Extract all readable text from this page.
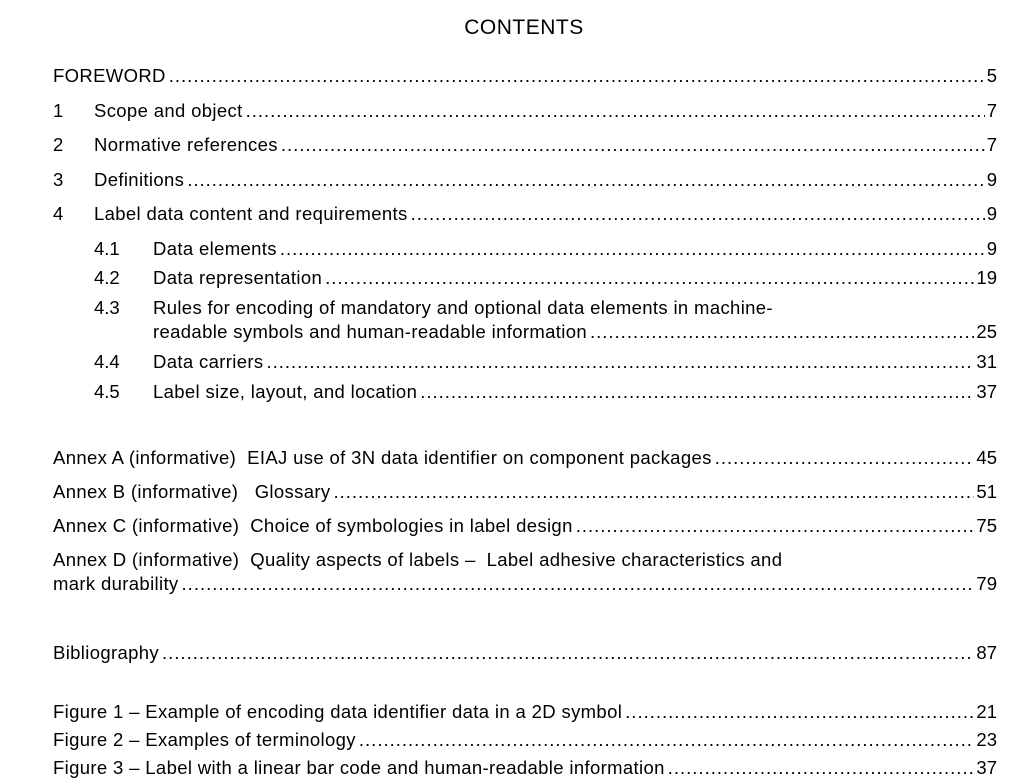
CONTENTS
FOREWORD .....	5
1	Scope and object .....	7
2	Normative references .....	7
3	Definitions .....	9
4	Label data content and requirements .....	9
4.1	Data elements .....	9
4.2	Data representation .....	19
4.3	Rules for encoding of mandatory and optional data elements in machine-
readable symbols and human-readable information .....	25
4.4	Data carriers .....	31
4.5	Label size, layout, and location .....	37
Annex A (informative)  EIAJ use of 3N data identifier on component packages .....	45
Annex B (informative)   Glossary .....	51
Annex C (informative)  Choice of symbologies in label design .....	75
Annex D (informative)  Quality aspects of labels –  Label adhesive characteristics and
mark durability .....	79
Bibliography .....	87
Figure 1 – Example of encoding data identifier data in a 2D symbol .....	21
Figure 2 – Examples of terminology .....	23
Figure 3 – Label with a linear bar code and human-readable information .....	37
